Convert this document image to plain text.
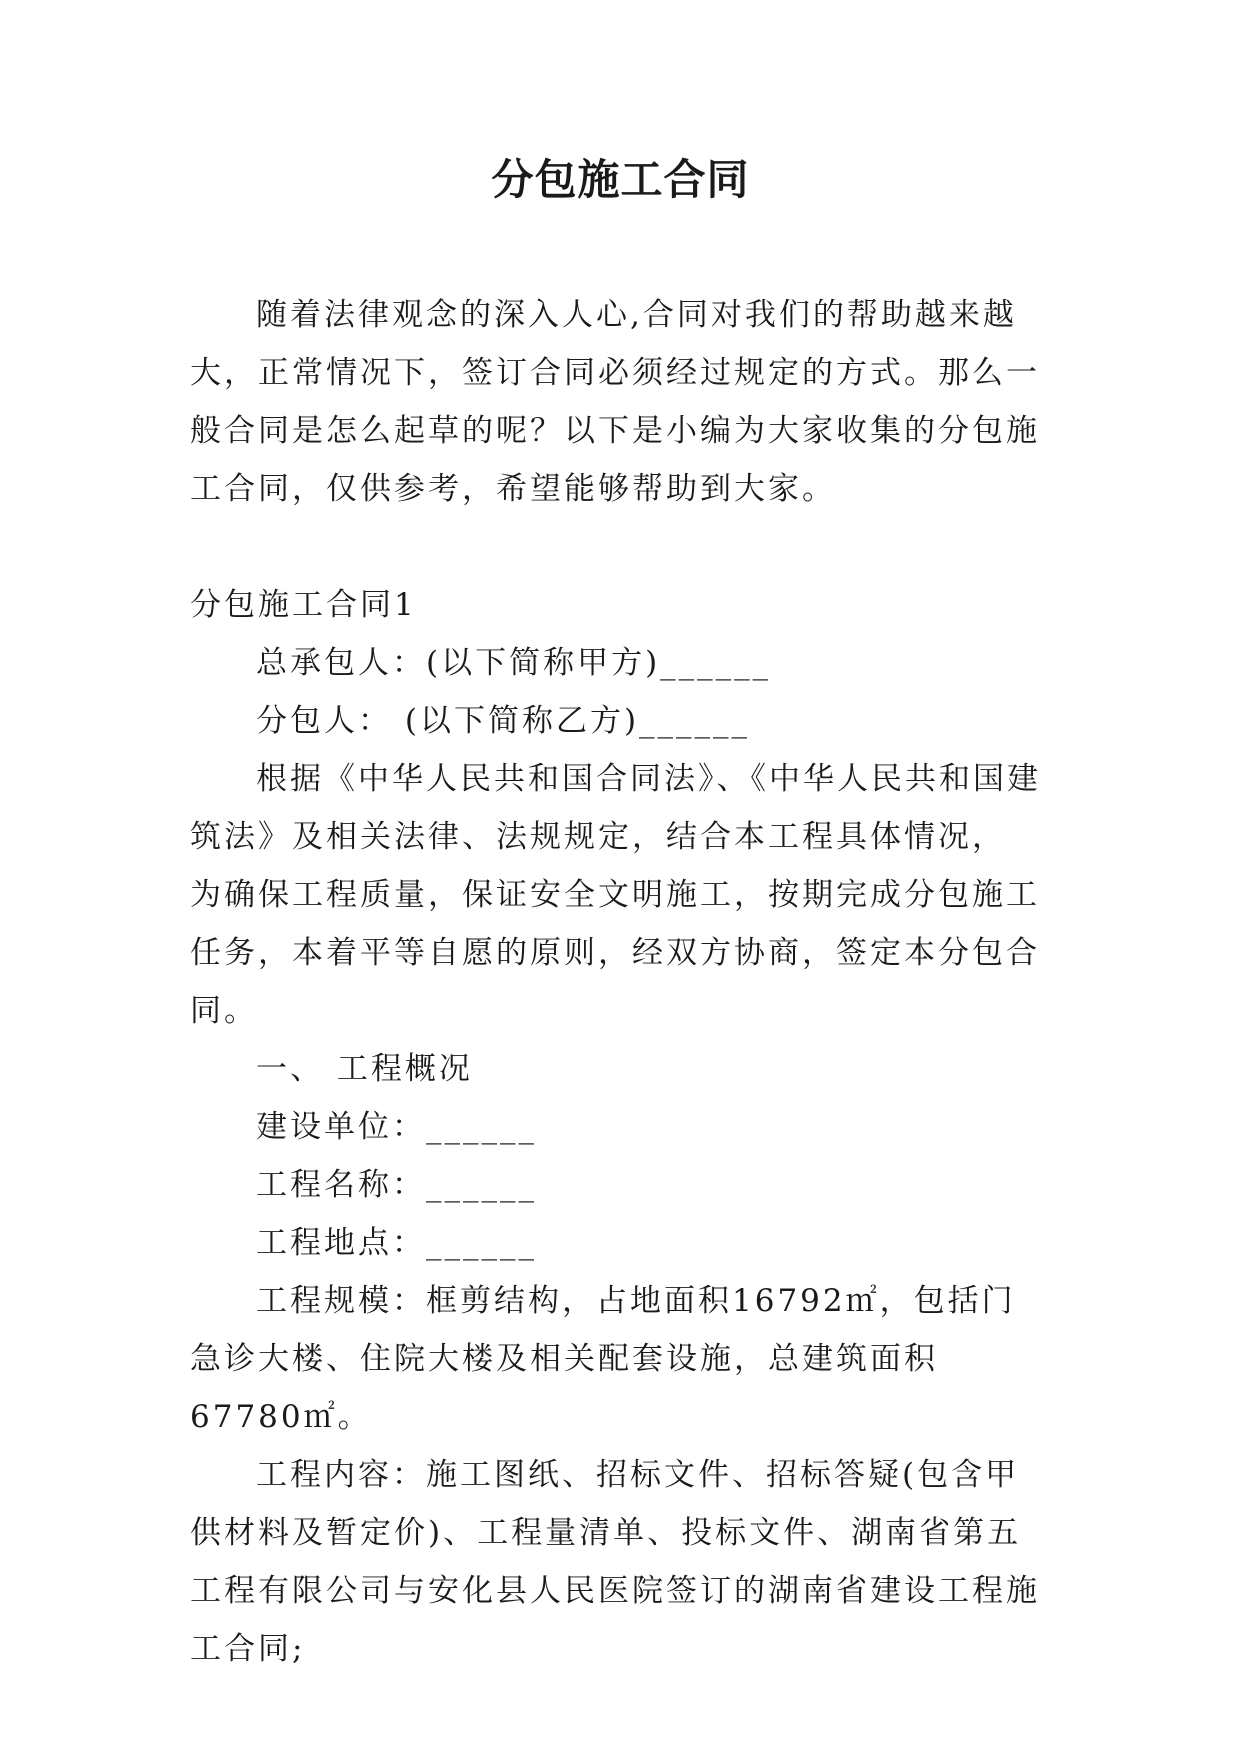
分包施工合同

随着法律观念的深入人心,合同对我们的帮助越来越大，正常情况下，签订合同必须经过规定的方式。那么一般合同是怎么起草的呢？以下是小编为大家收集的分包施工合同，仅供参考，希望能够帮助到大家。

分包施工合同1

总承包人：(以下简称甲方)______

分包人： (以下简称乙方)______

根据《中华人民共和国合同法》、《中华人民共和国建筑法》及相关法律、法规规定，结合本工程具体情况， 为确保工程质量，保证安全文明施工，按期完成分包施工任务，本着平等自愿的原则，经双方协商，签定本分包合同。

一、 工程概况

建设单位：______

工程名称：______

工程地点：______

工程规模：框剪结构，占地面积16792㎡，包括门急诊大楼、住院大楼及相关配套设施，总建筑面积67780㎡。

工程内容：施工图纸、招标文件、招标答疑(包含甲供材料及暂定价)、工程量清单、投标文件、湖南省第五工程有限公司与安化县人民医院签订的湖南省建设工程施工合同;
